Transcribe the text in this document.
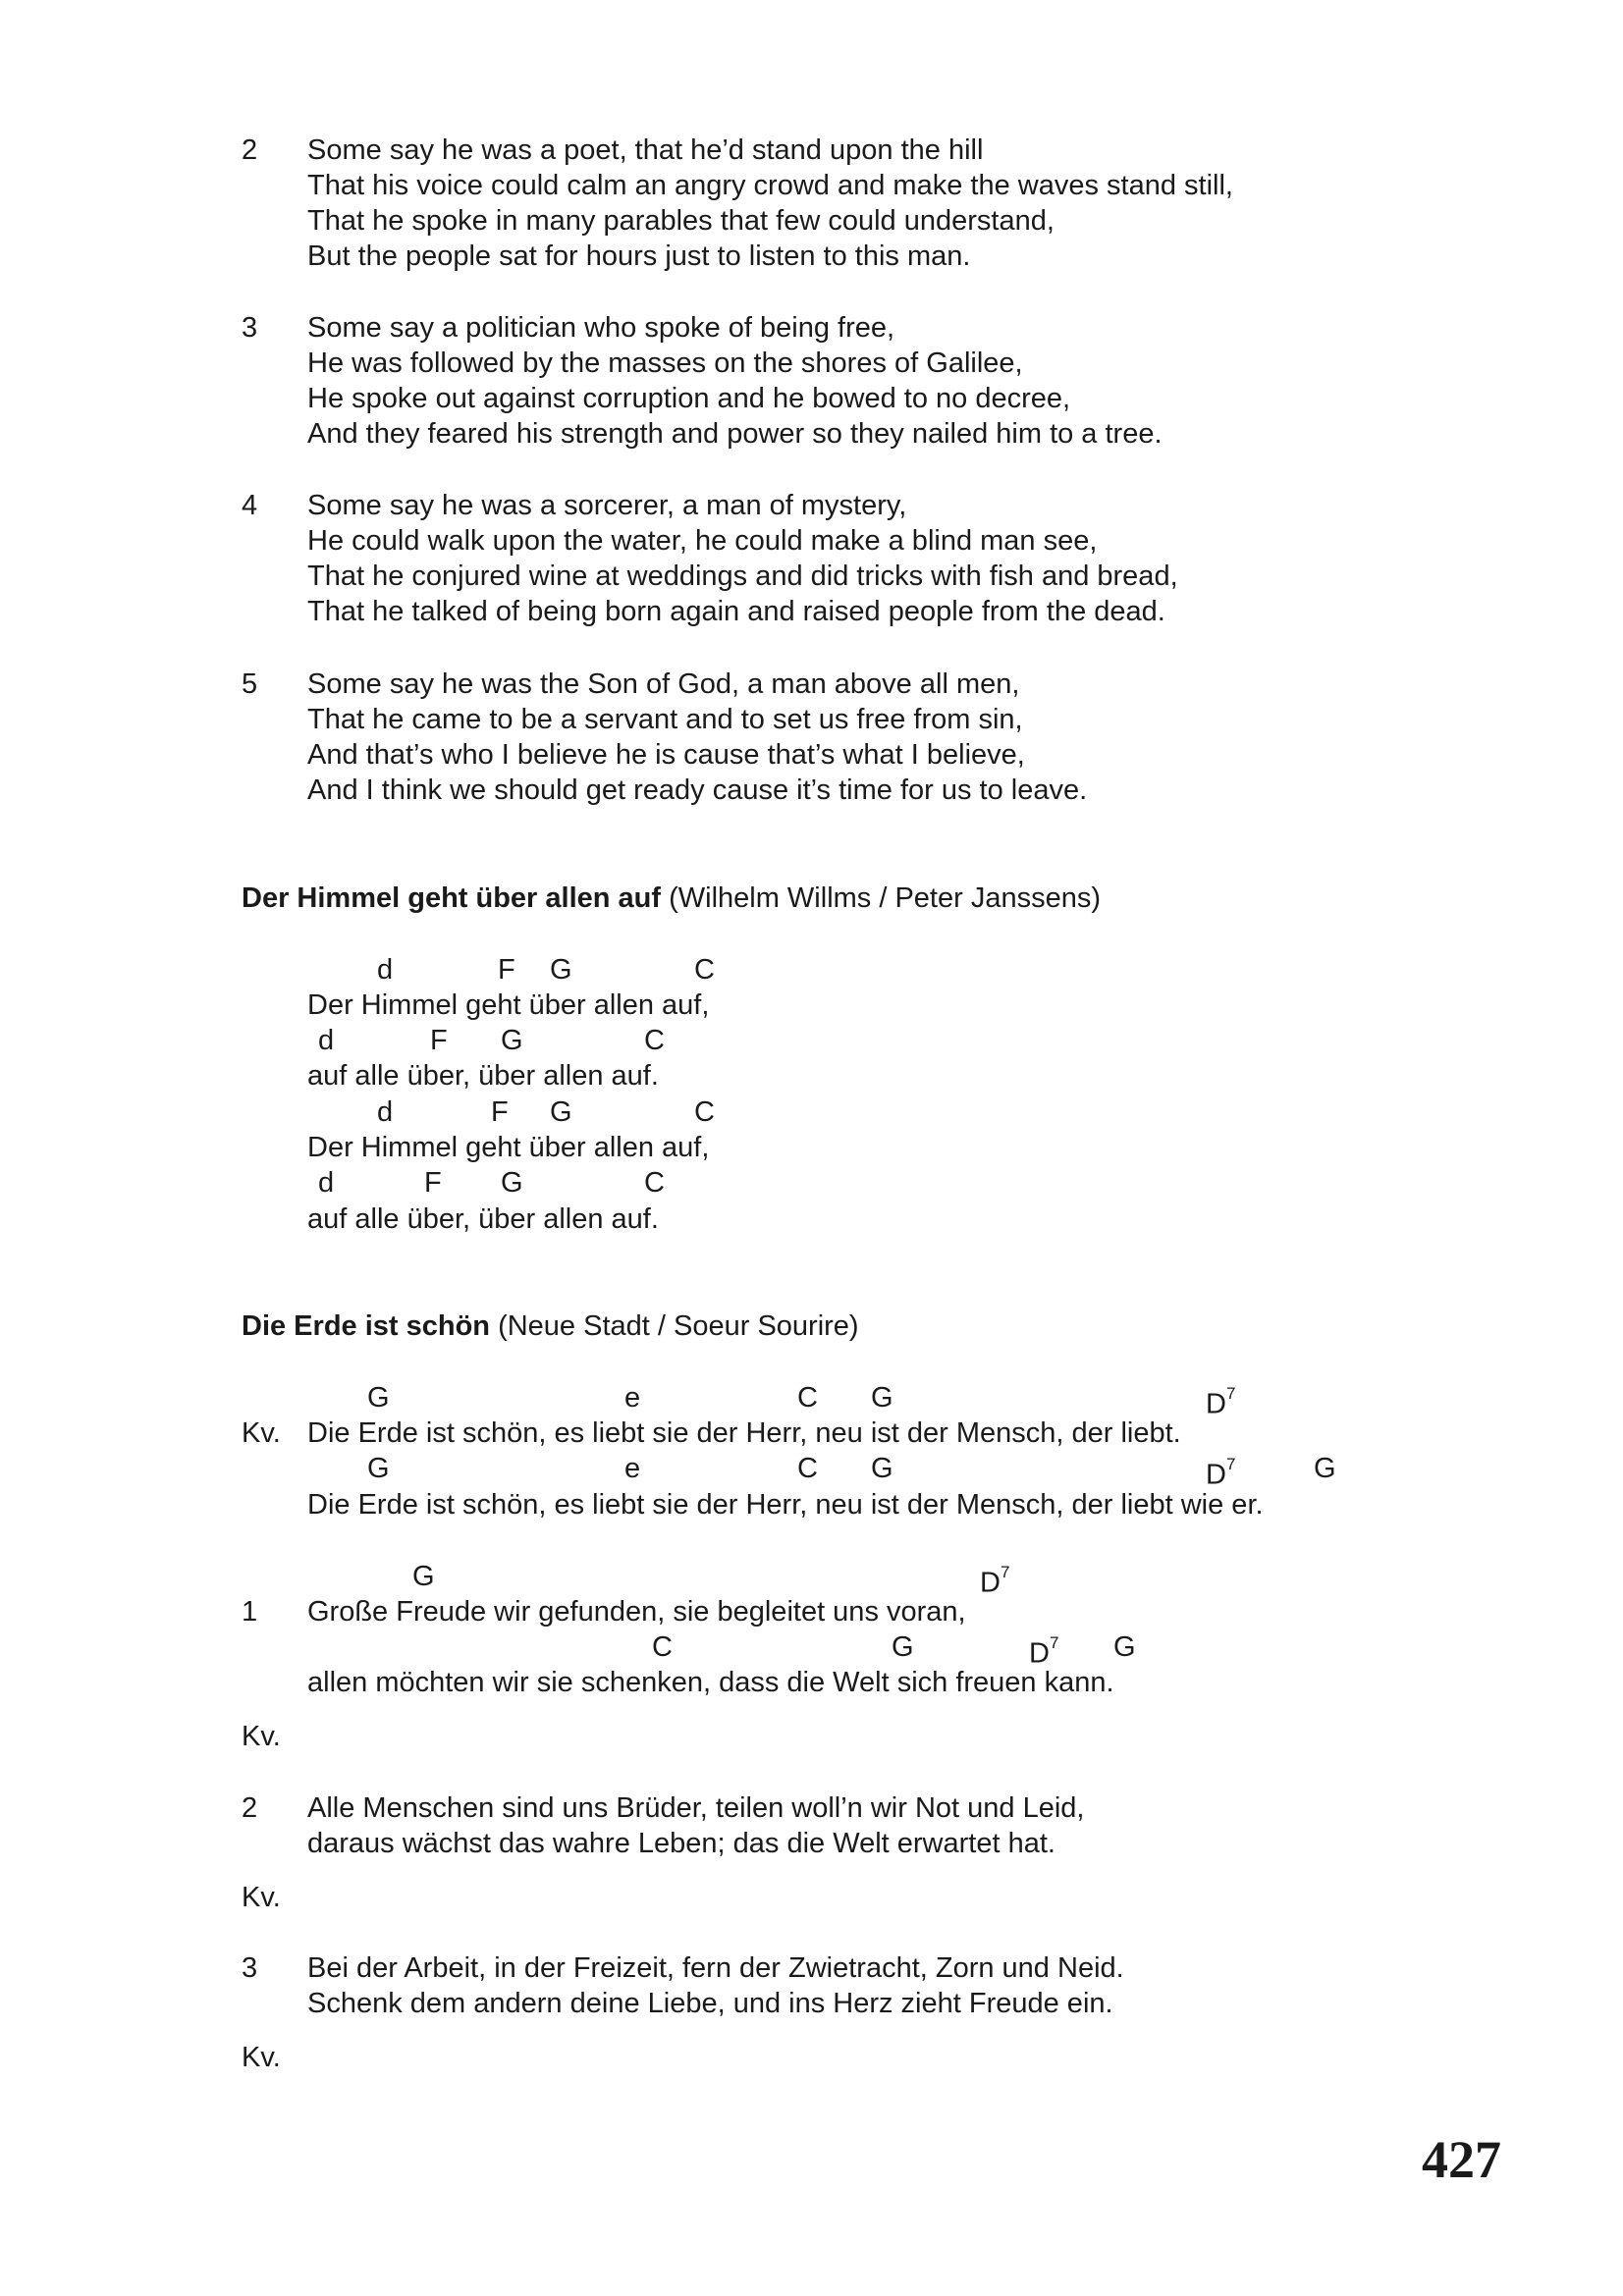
2 Some say he was a poet, that he’d stand upon the hill
That his voice could calm an angry crowd and make the waves stand still,
That he spoke in many parables that few could understand,
But the people sat for hours just to listen to this man.
3 Some say a politician who spoke of being free,
He was followed by the masses on the shores of Galilee,
He spoke out against corruption and he bowed to no decree,
And they feared his strength and power so they nailed him to a tree.
4 Some say he was a sorcerer, a man of mystery,
He could walk upon the water, he could make a blind man see,
That he conjured wine at weddings and did tricks with fish and bread,
That he talked of being born again and raised people from the dead.
5 Some say he was the Son of God, a man above all men,
That he came to be a servant and to set us free from sin,
And that’s who I believe he is cause that’s what I believe,
And I think we should get ready cause it’s time for us to leave.
Der Himmel geht über allen auf (Wilhelm Willms / Peter Janssens)
d	F G	C
Der Himmel geht über allen auf,
d	F G	C
auf alle über, über allen auf.
d	F G	C
Der Himmel geht über allen auf,
d	F G	C
auf alle über, über allen auf.
Die Erde ist schön (Neue Stadt / Soeur Sourire)
G	e	C G	$D^7$
Kv. Die Erde ist schön, es liebt sie der Herr, neu ist der Mensch, der liebt.
G	e	C G	$D^7$	G
Die Erde ist schön, es liebt sie der Herr, neu ist der Mensch, der liebt wie er.
G	$D^7$
1 Große Freude wir gefunden, sie begleitet uns voran,
C	G	$D^7$ G
allen möchten wir sie schenken, dass die Welt sich freuen kann.
Kv.
2 Alle Menschen sind uns Brüder, teilen woll’n wir Not und Leid,
daraus wächst das wahre Leben; das die Welt erwartet hat.
Kv.
3 Bei der Arbeit, in der Freizeit, fern der Zwietracht, Zorn und Neid.
Schenk dem andern deine Liebe, und ins Herz zieht Freude ein.
Kv.
427
